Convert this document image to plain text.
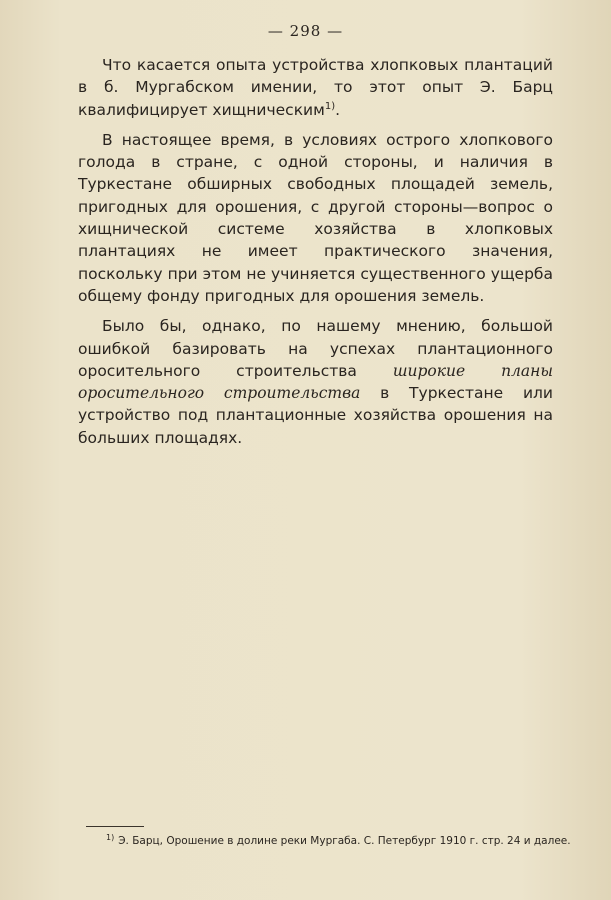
— 298 —

Что касается опыта устройства хлопковых плантаций в б. Мургабском имении, то этот опыт Э. Барц квалифицирует хищническим$^{1)}$.

В настоящее время, в условиях острого хлопкового голода в стране, с одной стороны, и наличия в Туркестане обширных свободных площадей земель, пригодных для орошения, с другой стороны—вопрос о хищнической системе хозяйства в хлопковых плантациях не имеет практического значения, поскольку при этом не учиняется существенного ущерба общему фонду пригодных для орошения земель.

Было бы, однако, по нашему мнению, большой ошибкой базировать на успехах плантационного оросительного строительства широкие планы оросительного строительства в Туркестане или устройство под плантационные хозяйства орошения на больших площадях.

$^{1)}$ Э. Барц, Орошение в долине реки Мургаба. С. Петербург 1910 г. стр. 24 и далее.
